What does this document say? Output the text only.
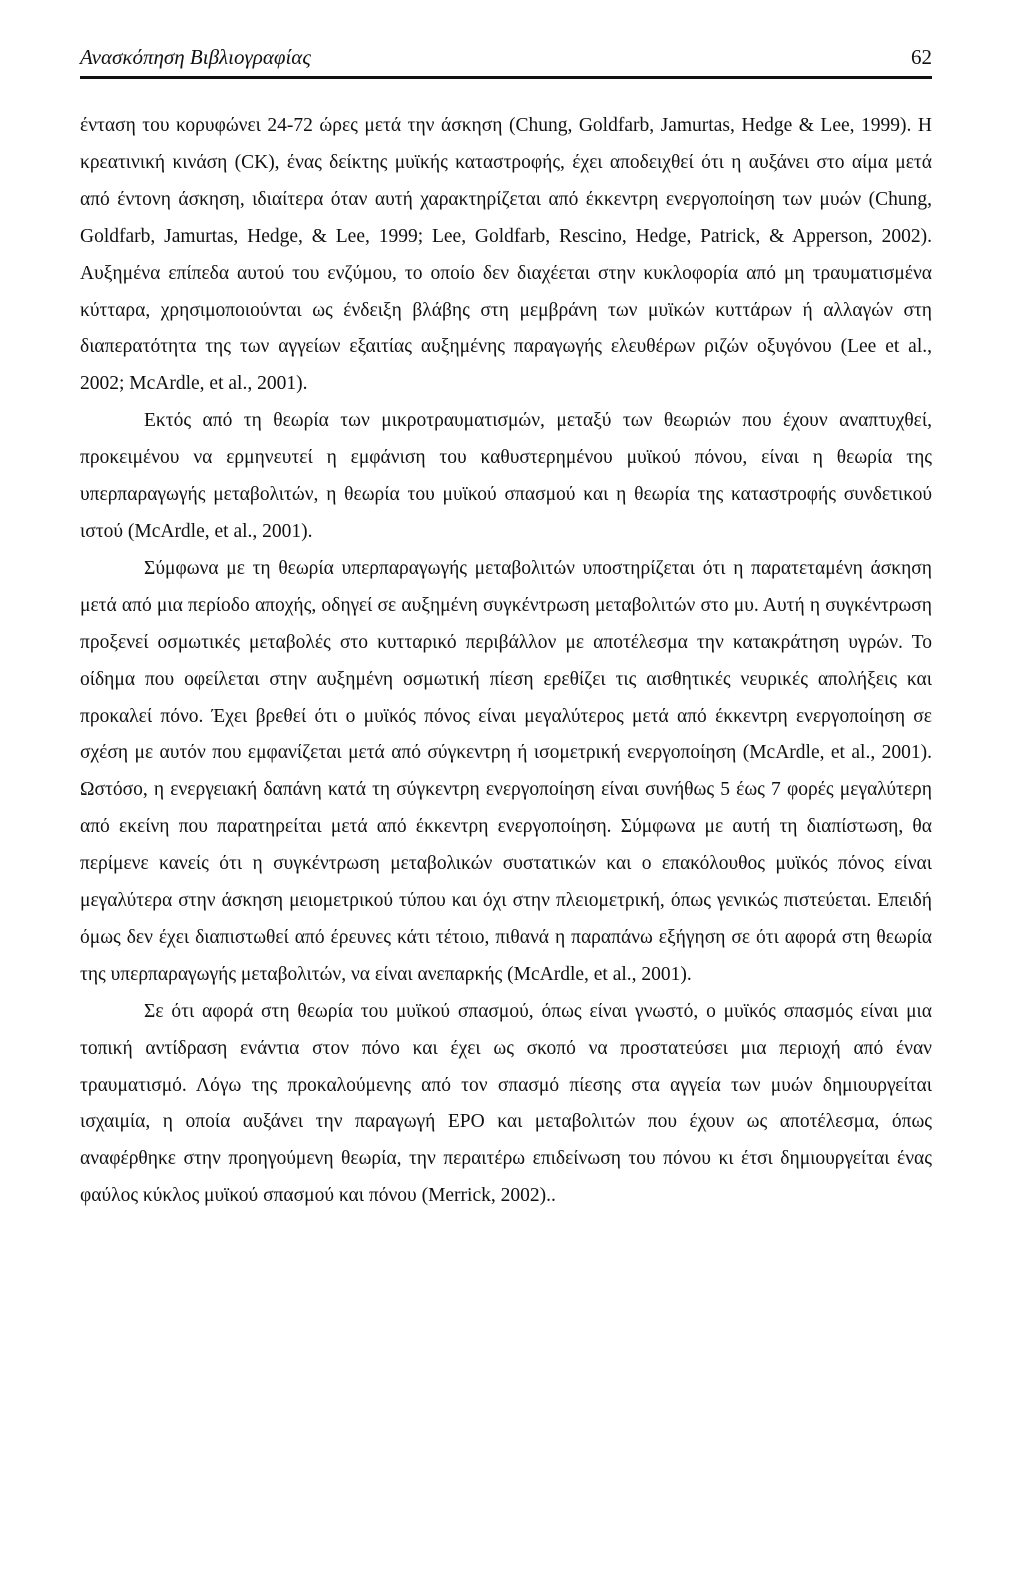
Ανασκόπηση Βιβλιογραφίας	62

ένταση του κορυφώνει 24-72 ώρες μετά την άσκηση (Chung, Goldfarb, Jamurtas, Hedge & Lee, 1999). Η κρεατινική κινάση (CK), ένας δείκτης μυϊκής καταστροφής, έχει αποδειχθεί ότι η αυξάνει στο αίμα μετά από έντονη άσκηση, ιδιαίτερα όταν αυτή χαρακτηρίζεται από έκκεντρη ενεργοποίηση των μυών (Chung, Goldfarb, Jamurtas, Hedge, & Lee, 1999; Lee, Goldfarb, Rescino, Hedge, Patrick, & Apperson, 2002). Αυξημένα επίπεδα αυτού του ενζύμου, το οποίο δεν διαχέεται στην κυκλοφορία από μη τραυματισμένα κύτταρα, χρησιμοποιούνται ως ένδειξη βλάβης στη μεμβράνη των μυϊκών κυττάρων ή αλλαγών στη διαπερατότητα της των αγγείων εξαιτίας αυξημένης παραγωγής ελευθέρων ριζών οξυγόνου (Lee et al., 2002; McArdle, et al., 2001).

Εκτός από τη θεωρία των μικροτραυματισμών, μεταξύ των θεωριών που έχουν αναπτυχθεί, προκειμένου να ερμηνευτεί η εμφάνιση του καθυστερημένου μυϊκού πόνου, είναι η θεωρία της υπερπαραγωγής μεταβολιτών, η θεωρία του μυϊκού σπασμού και η θεωρία της καταστροφής συνδετικού ιστού (McArdle, et al., 2001).

Σύμφωνα με τη θεωρία υπερπαραγωγής μεταβολιτών υποστηρίζεται ότι η παρατεταμένη άσκηση μετά από μια περίοδο αποχής, οδηγεί σε αυξημένη συγκέντρωση μεταβολιτών στο μυ. Αυτή η συγκέντρωση προξενεί οσμωτικές μεταβολές στο κυτταρικό περιβάλλον με αποτέλεσμα την κατακράτηση υγρών. Το οίδημα που οφείλεται στην αυξημένη οσμωτική πίεση ερεθίζει τις αισθητικές νευρικές απολήξεις και προκαλεί πόνο. Έχει βρεθεί ότι ο μυϊκός πόνος είναι μεγαλύτερος μετά από έκκεντρη ενεργοποίηση σε σχέση με αυτόν που εμφανίζεται μετά από σύγκεντρη ή ισομετρική ενεργοποίηση (McArdle, et al., 2001). Ωστόσο, η ενεργειακή δαπάνη κατά τη σύγκεντρη ενεργοποίηση είναι συνήθως 5 έως 7 φορές μεγαλύτερη από εκείνη που παρατηρείται μετά από έκκεντρη ενεργοποίηση. Σύμφωνα με αυτή τη διαπίστωση, θα περίμενε κανείς ότι η συγκέντρωση μεταβολικών συστατικών και ο επακόλουθος μυϊκός πόνος είναι μεγαλύτερα στην άσκηση μειομετρικού τύπου και όχι στην πλειομετρική, όπως γενικώς πιστεύεται. Επειδή όμως δεν έχει διαπιστωθεί από έρευνες κάτι τέτοιο, πιθανά η παραπάνω εξήγηση σε ότι αφορά στη θεωρία της υπερπαραγωγής μεταβολιτών, να είναι ανεπαρκής (McArdle, et al., 2001).

Σε ότι αφορά στη θεωρία του μυϊκού σπασμού, όπως είναι γνωστό, ο μυϊκός σπασμός είναι μια τοπική αντίδραση ενάντια στον πόνο και έχει ως σκοπό να προστατεύσει μια περιοχή από έναν τραυματισμό. Λόγω της προκαλούμενης από τον σπασμό πίεσης στα αγγεία των μυών δημιουργείται ισχαιμία, η οποία αυξάνει την παραγωγή ΕΡΟ και μεταβολιτών που έχουν ως αποτέλεσμα, όπως αναφέρθηκε στην προηγούμενη θεωρία, την περαιτέρω επιδείνωση του πόνου κι έτσι δημιουργείται ένας φαύλος κύκλος μυϊκού σπασμού και πόνου (Merrick, 2002)..
